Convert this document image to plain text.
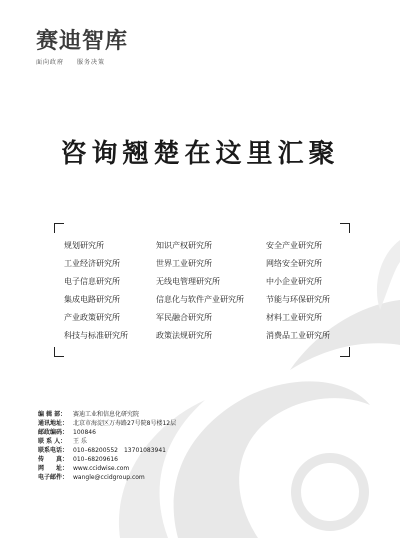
赛迪智库
面向政府 服务决策
咨询翘楚在这里汇聚
规划研究所	知识产权研究所	安全产业研究所
工业经济研究所	世界工业研究所	网络安全研究所
电子信息研究所	无线电管理研究所	中小企业研究所
集成电路研究所	信息化与软件产业研究所	节能与环保研究所
产业政策研究所	军民融合研究所	材料工业研究所
科技与标准研究所	政策法规研究所	消费品工业研究所
编 辑 部：	赛迪工业和信息化研究院
通讯地址： 北京市海淀区万寿路27号院8号楼12层
邮政编码： 100846
联 系 人：	王 乐
联系电话： 010–68200552　13701083941
传　　真： 010–68209616
网　　址： www.ccidwise.com
电子邮件： wangle@ccidgroup.com
